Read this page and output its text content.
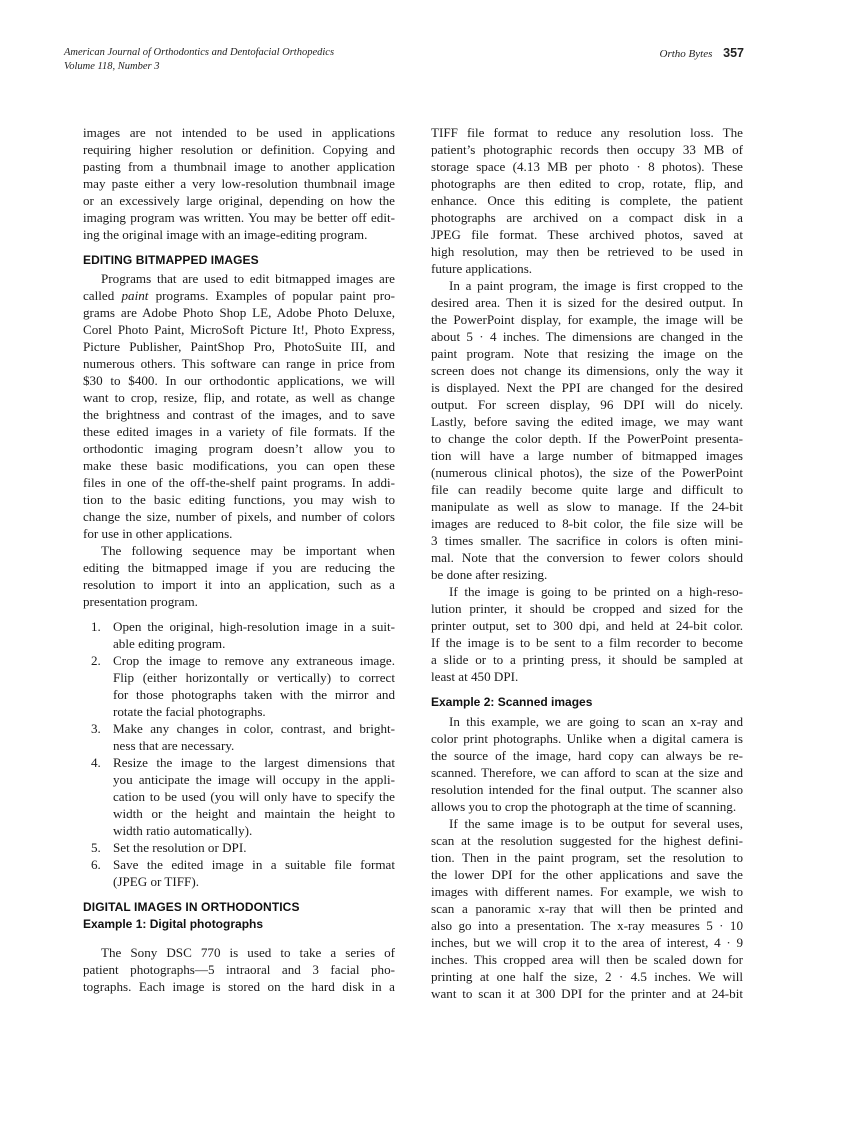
American Journal of Orthodontics and Dentofacial Orthopedics
Volume 118, Number 3
Ortho Bytes 357
images are not intended to be used in applications
requiring higher resolution or definition. Copying and
pasting from a thumbnail image to another application
may paste either a very low-resolution thumbnail image
or an excessively large original, depending on how the
imaging program was written. You may be better off edit-
ing the original image with an image-editing program.
EDITING BITMAPPED IMAGES
Programs that are used to edit bitmapped images are
called paint programs. Examples of popular paint pro-
grams are Adobe Photo Shop LE, Adobe Photo Deluxe,
Corel Photo Paint, MicroSoft Picture It!, Photo Express,
Picture Publisher, PaintShop Pro, PhotoSuite III, and
numerous others. This software can range in price from
$30 to $400. In our orthodontic applications, we will
want to crop, resize, flip, and rotate, as well as change
the brightness and contrast of the images, and to save
these edited images in a variety of file formats. If the
orthodontic imaging program doesn’t allow you to
make these basic modifications, you can open these
files in one of the off-the-shelf paint programs. In addi-
tion to the basic editing functions, you may wish to
change the size, number of pixels, and number of colors
for use in other applications.
The following sequence may be important when
editing the bitmapped image if you are reducing the
resolution to import it into an application, such as a
presentation program.
1. Open the original, high-resolution image in a suit-
able editing program.
2. Crop the image to remove any extraneous image.
Flip (either horizontally or vertically) to correct
for those photographs taken with the mirror and
rotate the facial photographs.
3. Make any changes in color, contrast, and bright-
ness that are necessary.
4. Resize the image to the largest dimensions that
you anticipate the image will occupy in the appli-
cation to be used (you will only have to specify the
width or the height and maintain the height to
width ratio automatically).
5. Set the resolution or DPI.
6. Save the edited image in a suitable file format
(JPEG or TIFF).
DIGITAL IMAGES IN ORTHODONTICS
Example 1: Digital photographs
The Sony DSC 770 is used to take a series of
patient photographs—5 intraoral and 3 facial pho-
tographs. Each image is stored on the hard disk in a
TIFF file format to reduce any resolution loss. The
patient’s photographic records then occupy 33 MB of
storage space (4.13 MB per photo · 8 photos). These
photographs are then edited to crop, rotate, flip, and
enhance. Once this editing is complete, the patient
photographs are archived on a compact disk in a
JPEG file format. These archived photos, saved at
high resolution, may then be retrieved to be used in
future applications.
In a paint program, the image is first cropped to the
desired area. Then it is sized for the desired output. In
the PowerPoint display, for example, the image will be
about 5 · 4 inches. The dimensions are changed in the
paint program. Note that resizing the image on the
screen does not change its dimensions, only the way it
is displayed. Next the PPI are changed for the desired
output. For screen display, 96 DPI will do nicely.
Lastly, before saving the edited image, we may want
to change the color depth. If the PowerPoint presenta-
tion will have a large number of bitmapped images
(numerous clinical photos), the size of the PowerPoint
file can readily become quite large and difficult to
manipulate as well as slow to manage. If the 24-bit
images are reduced to 8-bit color, the file size will be
3 times smaller. The sacrifice in colors is often mini-
mal. Note that the conversion to fewer colors should
be done after resizing.
If the image is going to be printed on a high-reso-
lution printer, it should be cropped and sized for the
printer output, set to 300 dpi, and held at 24-bit color.
If the image is to be sent to a film recorder to become
a slide or to a printing press, it should be sampled at
least at 450 DPI.
Example 2: Scanned images
In this example, we are going to scan an x-ray and
color print photographs. Unlike when a digital camera is
the source of the image, hard copy can always be re-
scanned. Therefore, we can afford to scan at the size and
resolution intended for the final output. The scanner also
allows you to crop the photograph at the time of scanning.
If the same image is to be output for several uses,
scan at the resolution suggested for the highest defini-
tion. Then in the paint program, set the resolution to
the lower DPI for the other applications and save the
images with different names. For example, we wish to
scan a panoramic x-ray that will then be printed and
also go into a presentation. The x-ray measures 5 · 10
inches, but we will crop it to the area of interest, 4 · 9
inches. This cropped area will then be scaled down for
printing at one half the size, 2 · 4.5 inches. We will
want to scan it at 300 DPI for the printer and at 24-bit
